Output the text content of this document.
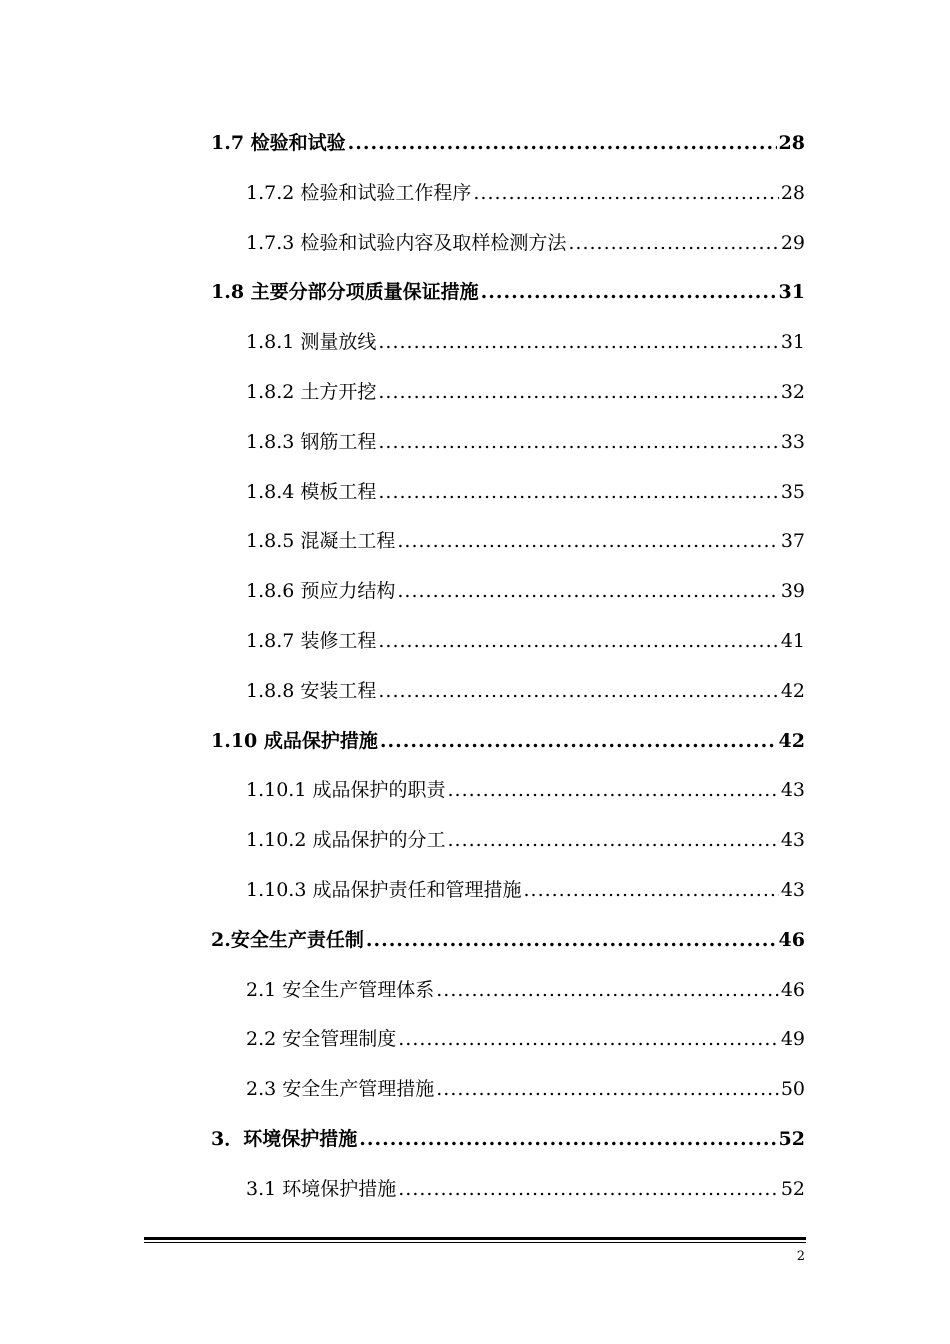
1.7 检验和试验 .....	28
1.7.2 检验和试验工作程序 .....	28
1.7.3 检验和试验内容及取样检测方法 .....	29
1.8 主要分部分项质量保证措施 .....	31
1.8.1 测量放线 .....	31
1.8.2 土方开挖 .....	32
1.8.3 钢筋工程 .....	33
1.8.4 模板工程 .....	35
1.8.5 混凝土工程 .....	37
1.8.6 预应力结构 .....	39
1.8.7 装修工程 .....	41
1.8.8 安装工程 .....	42
1.10 成品保护措施 .....	42
1.10.1 成品保护的职责 .....	43
1.10.2 成品保护的分工 .....	43
1.10.3 成品保护责任和管理措施 .....	43
2.安全生产责任制 .....	46
2.1 安全生产管理体系 .....	46
2.2 安全管理制度 .....	49
2.3 安全生产管理措施 .....	50
3．环境保护措施 .....	52
3.1 环境保护措施 .....	52
2
